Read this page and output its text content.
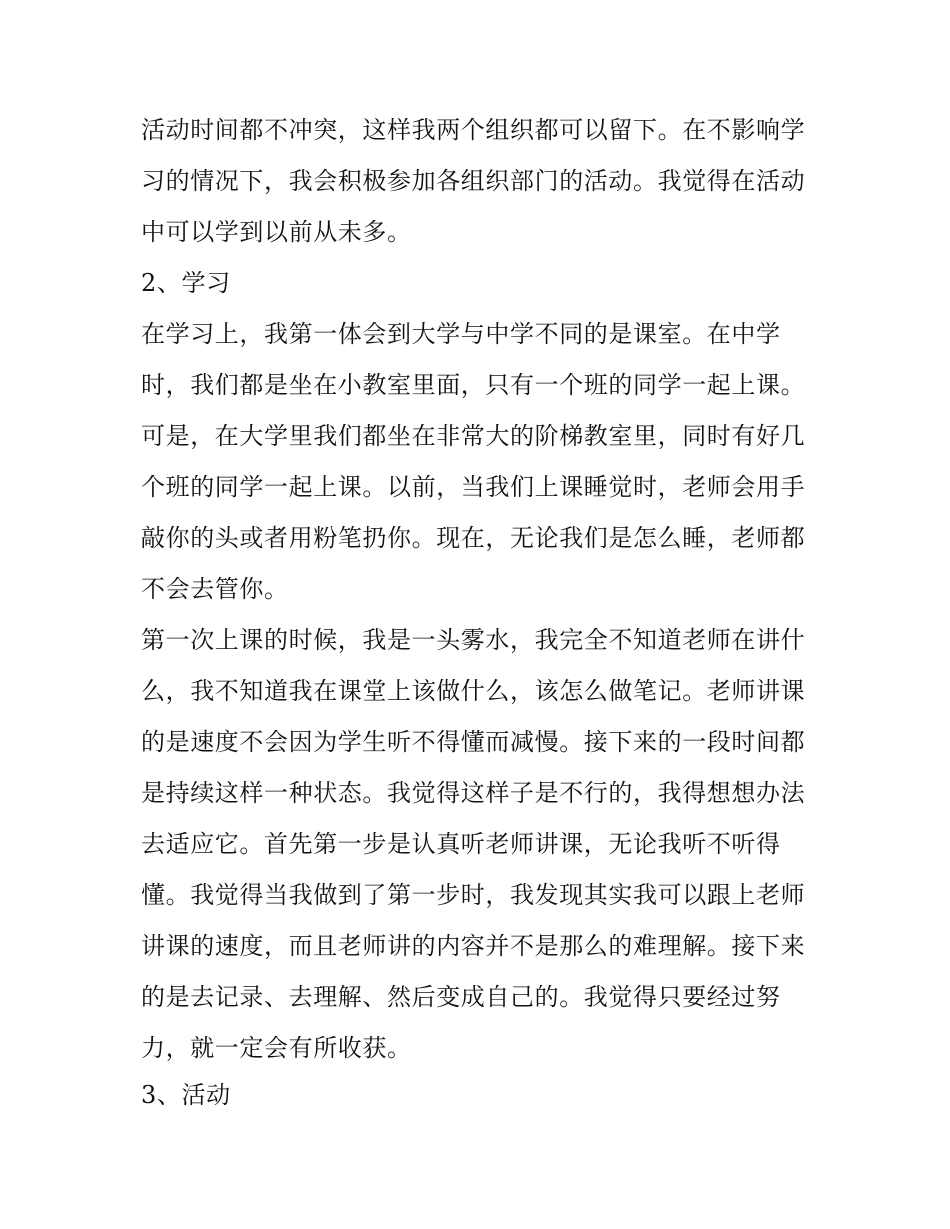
活动时间都不冲突，这样我两个组织都可以留下。在不影响学
习的情况下，我会积极参加各组织部门的活动。我觉得在活动
中可以学到以前从未多。
2、学习
在学习上，我第一体会到大学与中学不同的是课室。在中学
时，我们都是坐在小教室里面，只有一个班的同学一起上课。
可是，在大学里我们都坐在非常大的阶梯教室里，同时有好几
个班的同学一起上课。以前，当我们上课睡觉时，老师会用手
敲你的头或者用粉笔扔你。现在，无论我们是怎么睡，老师都
不会去管你。
第一次上课的时候，我是一头雾水，我完全不知道老师在讲什
么，我不知道我在课堂上该做什么，该怎么做笔记。老师讲课
的是速度不会因为学生听不得懂而减慢。接下来的一段时间都
是持续这样一种状态。我觉得这样子是不行的，我得想想办法
去适应它。首先第一步是认真听老师讲课，无论我听不听得
懂。我觉得当我做到了第一步时，我发现其实我可以跟上老师
讲课的速度，而且老师讲的内容并不是那么的难理解。接下来
的是去记录、去理解、然后变成自己的。我觉得只要经过努
力，就一定会有所收获。
3、活动
